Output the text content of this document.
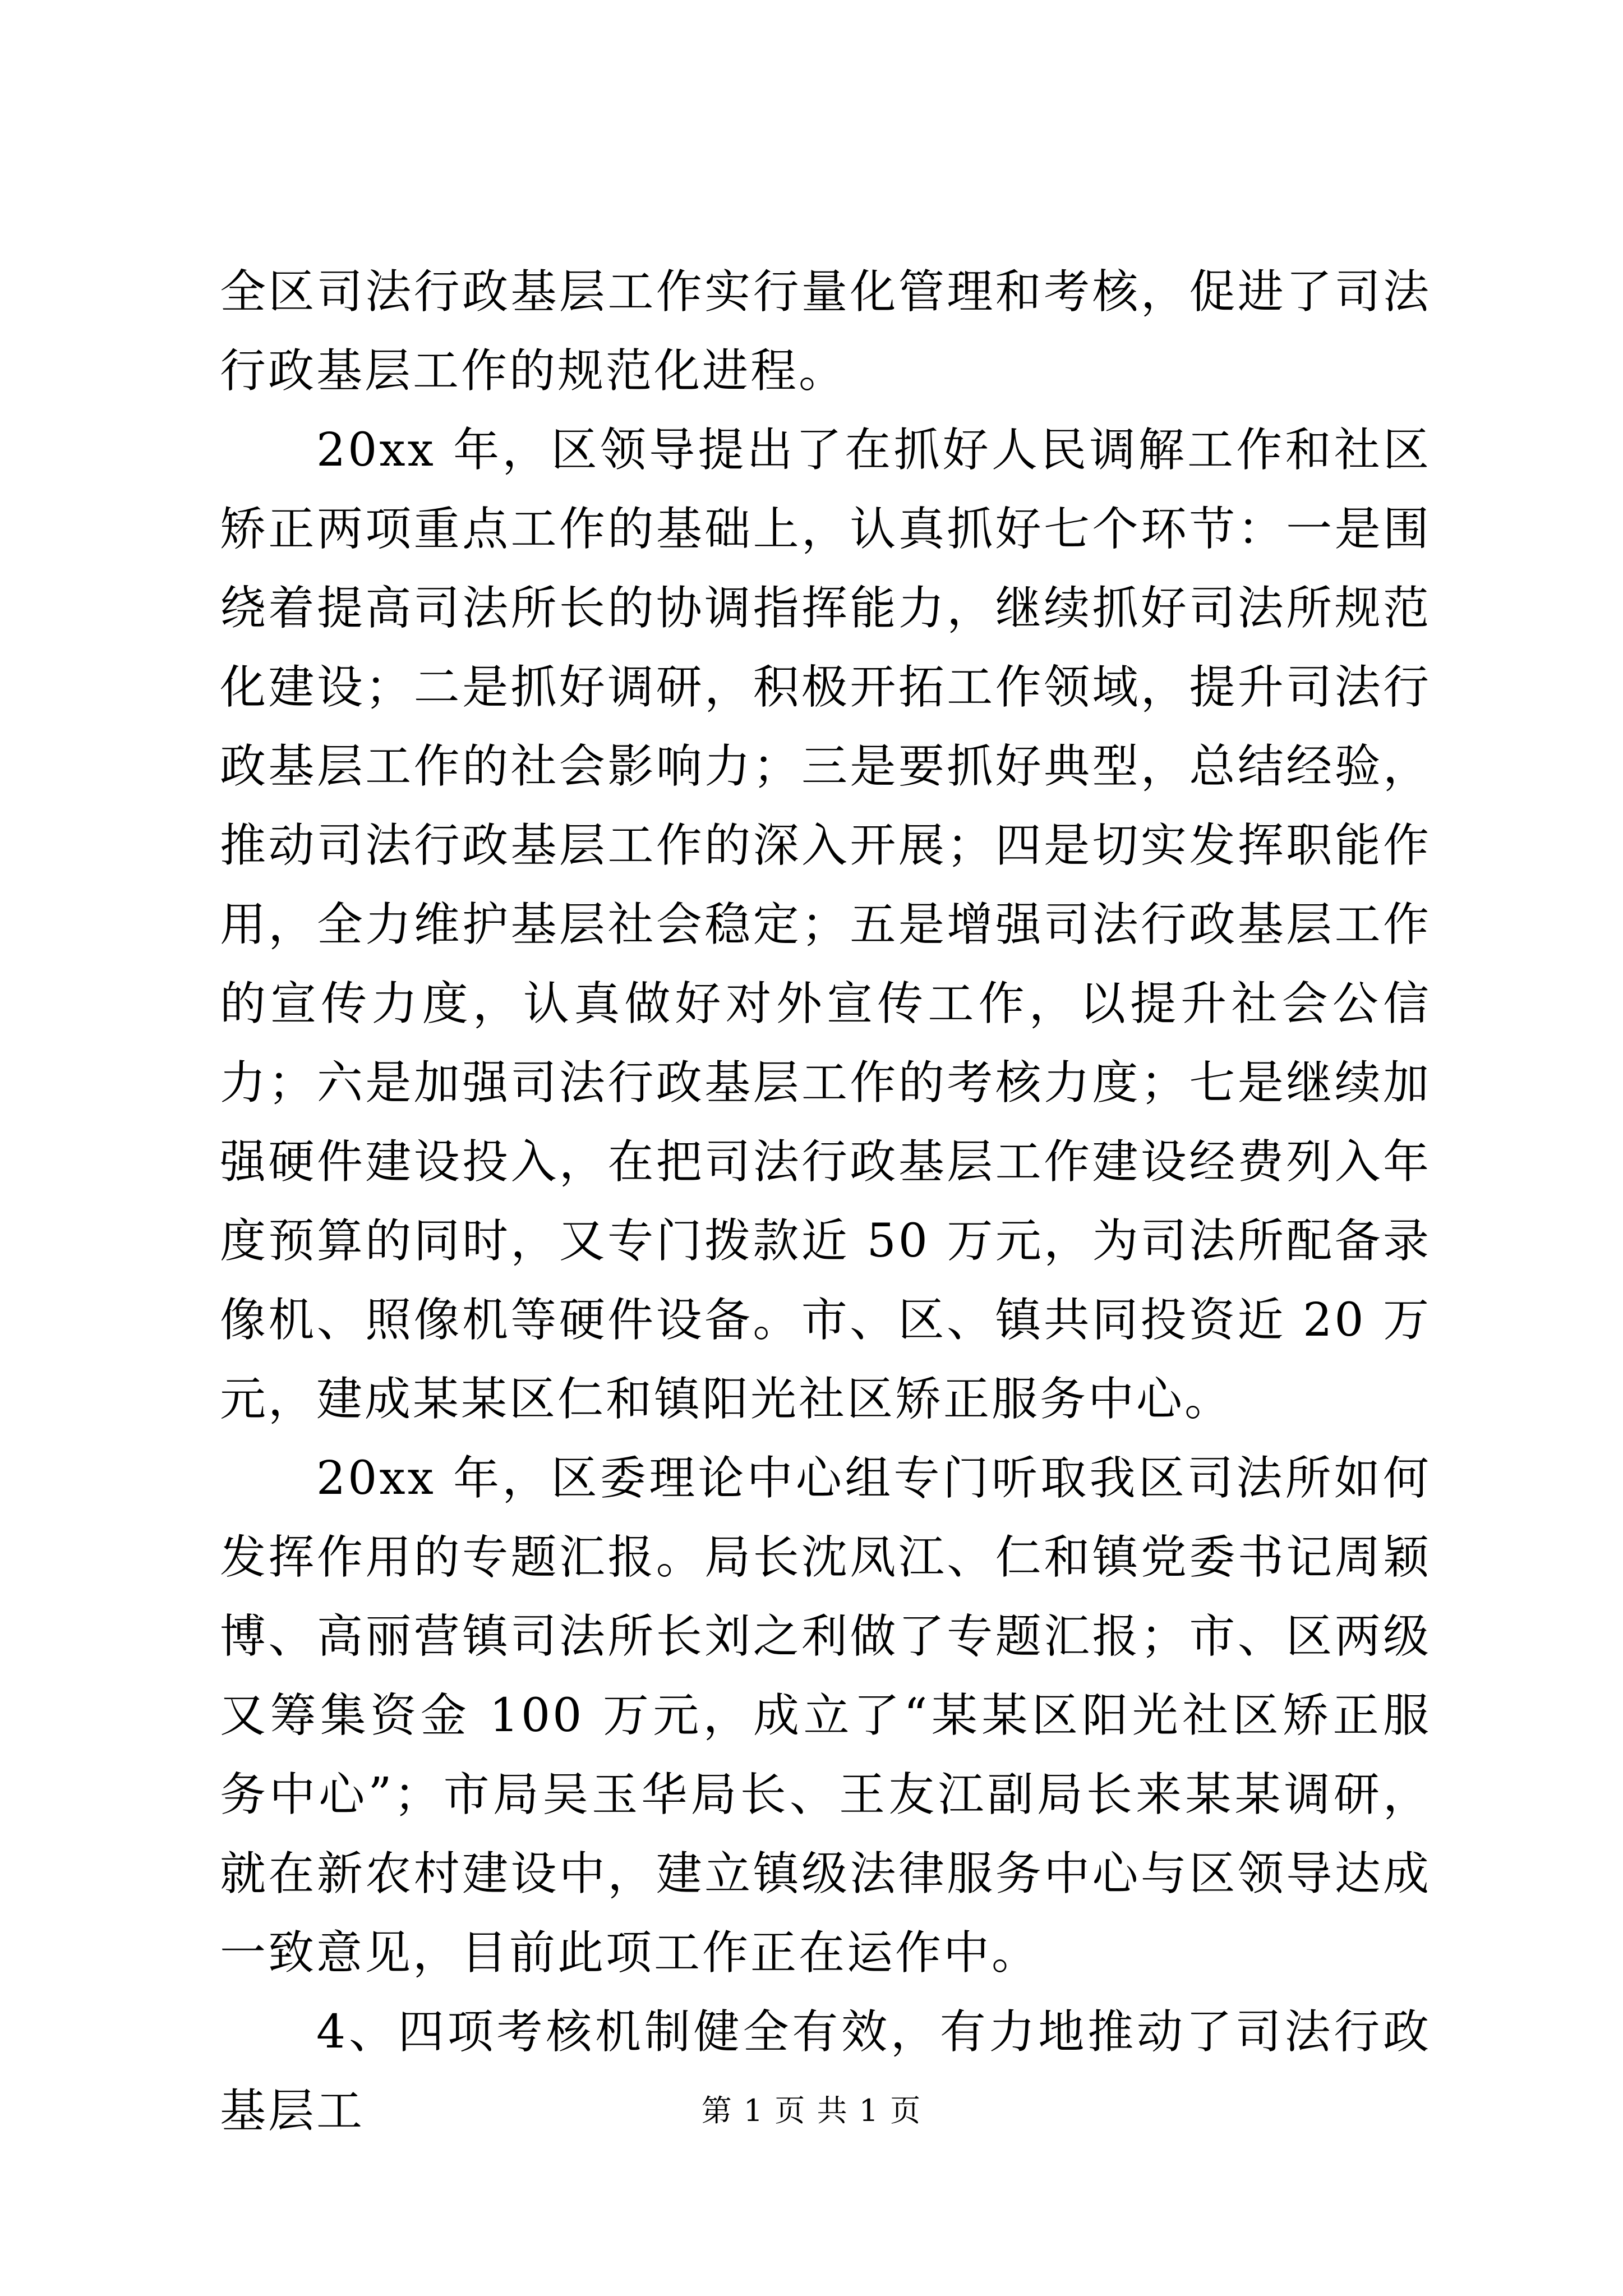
全区司法行政基层工作实行量化管理和考核，促进了司法行政基层工作的规范化进程。

20xx 年，区领导提出了在抓好人民调解工作和社区矫正两项重点工作的基础上，认真抓好七个环节：一是围绕着提高司法所长的协调指挥能力，继续抓好司法所规范化建设；二是抓好调研，积极开拓工作领域，提升司法行政基层工作的社会影响力；三是要抓好典型，总结经验，推动司法行政基层工作的深入开展；四是切实发挥职能作用，全力维护基层社会稳定；五是增强司法行政基层工作的宣传力度，认真做好对外宣传工作，以提升社会公信力；六是加强司法行政基层工作的考核力度；七是继续加强硬件建设投入，在把司法行政基层工作建设经费列入年度预算的同时，又专门拨款近 50 万元，为司法所配备录像机、照像机等硬件设备。市、区、镇共同投资近 20 万元，建成某某区仁和镇阳光社区矫正服务中心。

20xx 年，区委理论中心组专门听取我区司法所如何发挥作用的专题汇报。局长沈凤江、仁和镇党委书记周颖博、高丽营镇司法所长刘之利做了专题汇报；市、区两级又筹集资金 100 万元，成立了“某某区阳光社区矫正服务中心”；市局吴玉华局长、王友江副局长来某某调研，就在新农村建设中，建立镇级法律服务中心与区领导达成一致意见，目前此项工作正在运作中。

4、四项考核机制健全有效，有力地推动了司法行政基层工	第 1 页 共 1 页
